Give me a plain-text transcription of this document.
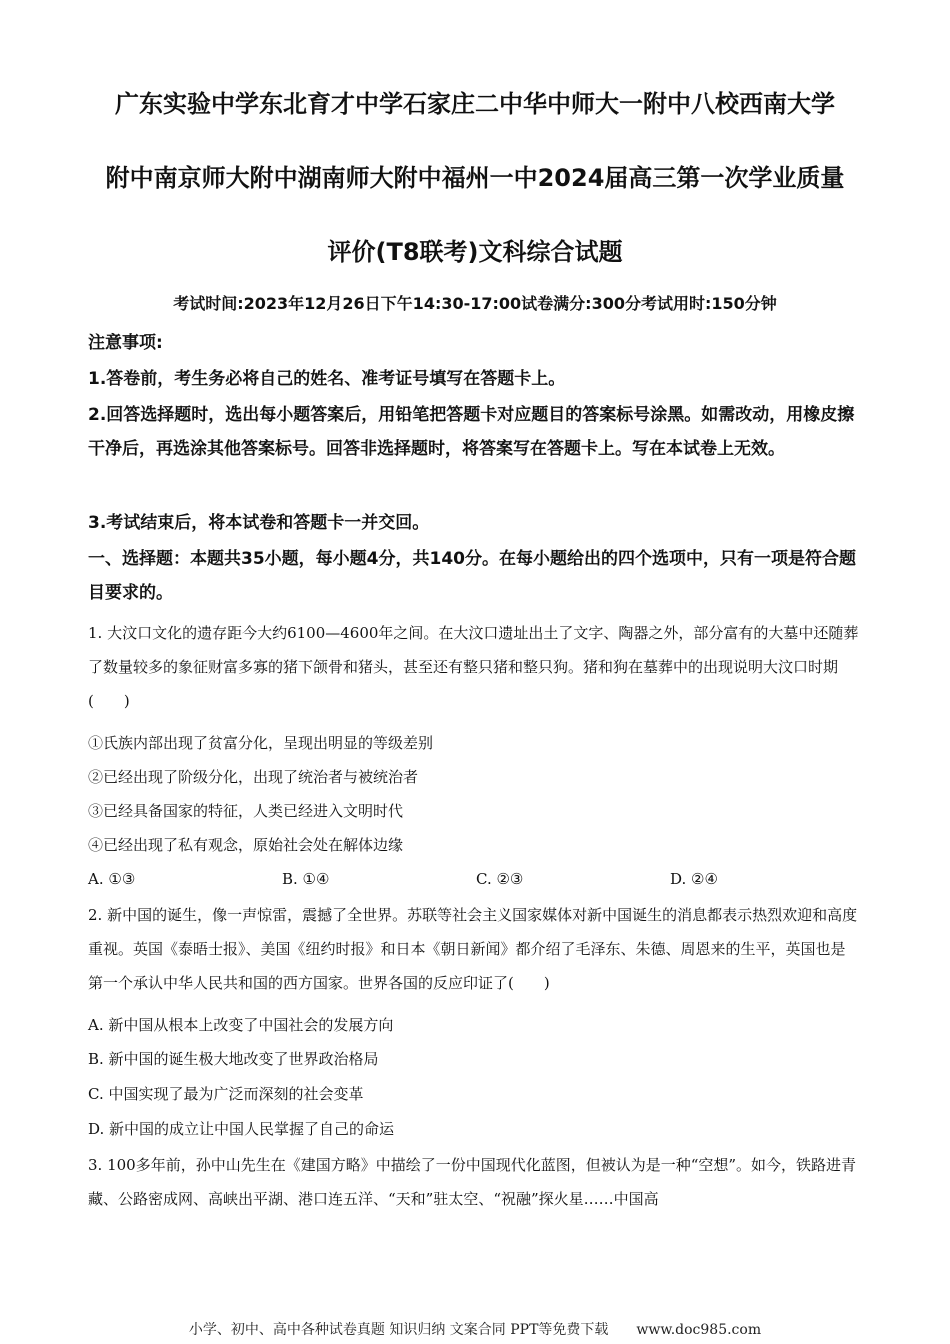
广东实验中学东北育才中学石家庄二中华中师大一附中八校西南大学
附中南京师大附中湖南师大附中福州一中2024届高三第一次学业质量
评价(T8联考)文科综合试题
考试时间:2023年12月26日下午14:30-17:00试卷满分:300分考试用时:150分钟
注意事项:
1.答卷前，考生务必将自己的姓名、准考证号填写在答题卡上。
2.回答选择题时，选出每小题答案后，用铅笔把答题卡对应题目的答案标号涂黑。如需改动，用橡皮擦干净后，再选涂其他答案标号。回答非选择题时，将答案写在答题卡上。写在本试卷上无效。
3.考试结束后，将本试卷和答题卡一并交回。
一、选择题：本题共35小题，每小题4分，共140分。在每小题给出的四个选项中，只有一项是符合题目要求的。
1. 大汶口文化的遗存距今大约6100—4600年之间。在大汶口遗址出土了文字、陶器之外，部分富有的大墓中还随葬了数量较多的象征财富多寡的猪下颌骨和猪头，甚至还有整只猪和整只狗。猪和狗在墓葬中的出现说明大汶口时期(　　)
①氏族内部出现了贫富分化，呈现出明显的等级差别
②已经出现了阶级分化，出现了统治者与被统治者
③已经具备国家的特征，人类已经进入文明时代
④已经出现了私有观念，原始社会处在解体边缘
A. ①③	B. ①④	C. ②③	D. ②④
2. 新中国的诞生，像一声惊雷，震撼了全世界。苏联等社会主义国家媒体对新中国诞生的消息都表示热烈欢迎和高度重视。英国《泰晤士报》、美国《纽约时报》和日本《朝日新闻》都介绍了毛泽东、朱德、周恩来的生平，英国也是第一个承认中华人民共和国的西方国家。世界各国的反应印证了(　　)
A. 新中国从根本上改变了中国社会的发展方向
B. 新中国的诞生极大地改变了世界政治格局
C. 中国实现了最为广泛而深刻的社会变革
D. 新中国的成立让中国人民掌握了自己的命运
3. 100多年前，孙中山先生在《建国方略》中描绘了一份中国现代化蓝图，但被认为是一种“空想”。如今，铁路进青藏、公路密成网、高峡出平湖、港口连五洋、“天和”驻太空、“祝融”探火星……中国高
小学、初中、高中各种试卷真题 知识归纳 文案合同 PPT等免费下载　　www.doc985.com
